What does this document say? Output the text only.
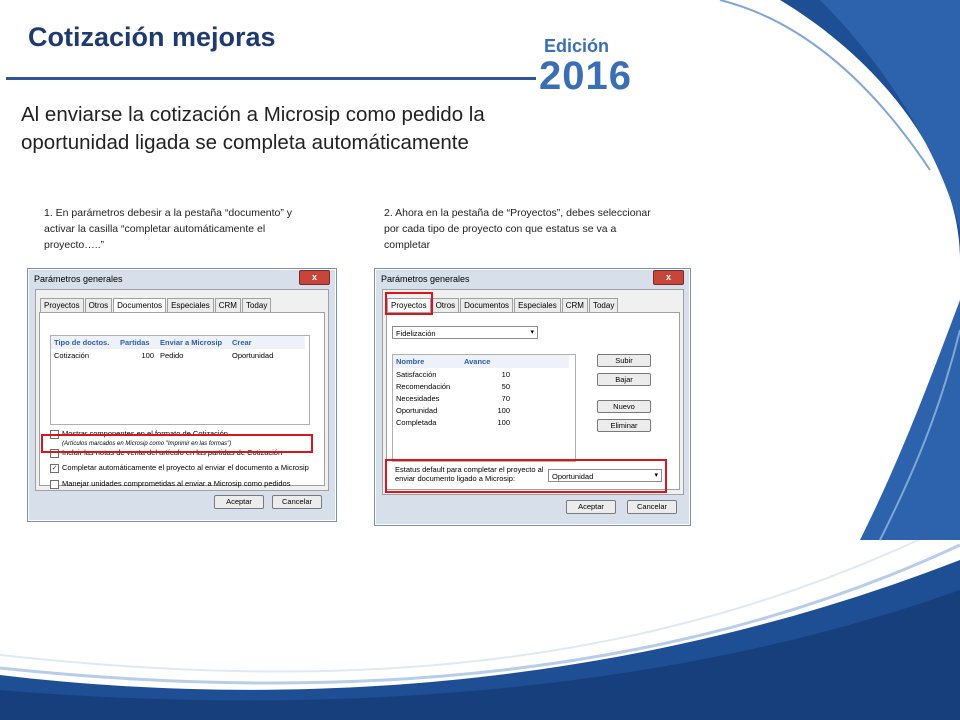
Cotización mejoras	Edición
2016
Al enviarse la cotización a Microsip como pedido la oportunidad ligada se completa automáticamente
1. En parámetros debesir a la pestaña “documento” y activar la casilla “completar automáticamente el proyecto…..”
2. Ahora en la pestaña de “Proyectos”, debes seleccionar por cada tipo de proyecto con que estatus se va a completar
Parámetros generales	x
Proyectos	Otros	Documentos	Especiales	CRM	Today
Tipo de doctos.	Partidas	Enviar a Microsip	Crear
Cotización	100	Pedido	Oportunidad
Mostrar componentes en el formato de Cotización
(Artículos marcados en Microsip como "Imprimir en las formas")
Incluir las notas de venta del artículo en las partidas de Cotización
✓ Completar automáticamente el proyecto al enviar el documento a Microsip
Manejar unidades comprometidas al enviar a Microsip como pedidos
Aceptar	Cancelar
Parámetros generales	x
Proyectos	Otros	Documentos	Especiales	CRM	Today
Fidelización	▾
Nombre	Avance	
Satisfacción	10	
Recomendación	50	
Necesidades	70	
Oportunidad	100	
Completada	100	
Subir
Bajar
Nuevo
Eliminar
Estatus default para completar el proyecto al enviar documento ligado a Microsip:	Oportunidad	▾
Aceptar	Cancelar
